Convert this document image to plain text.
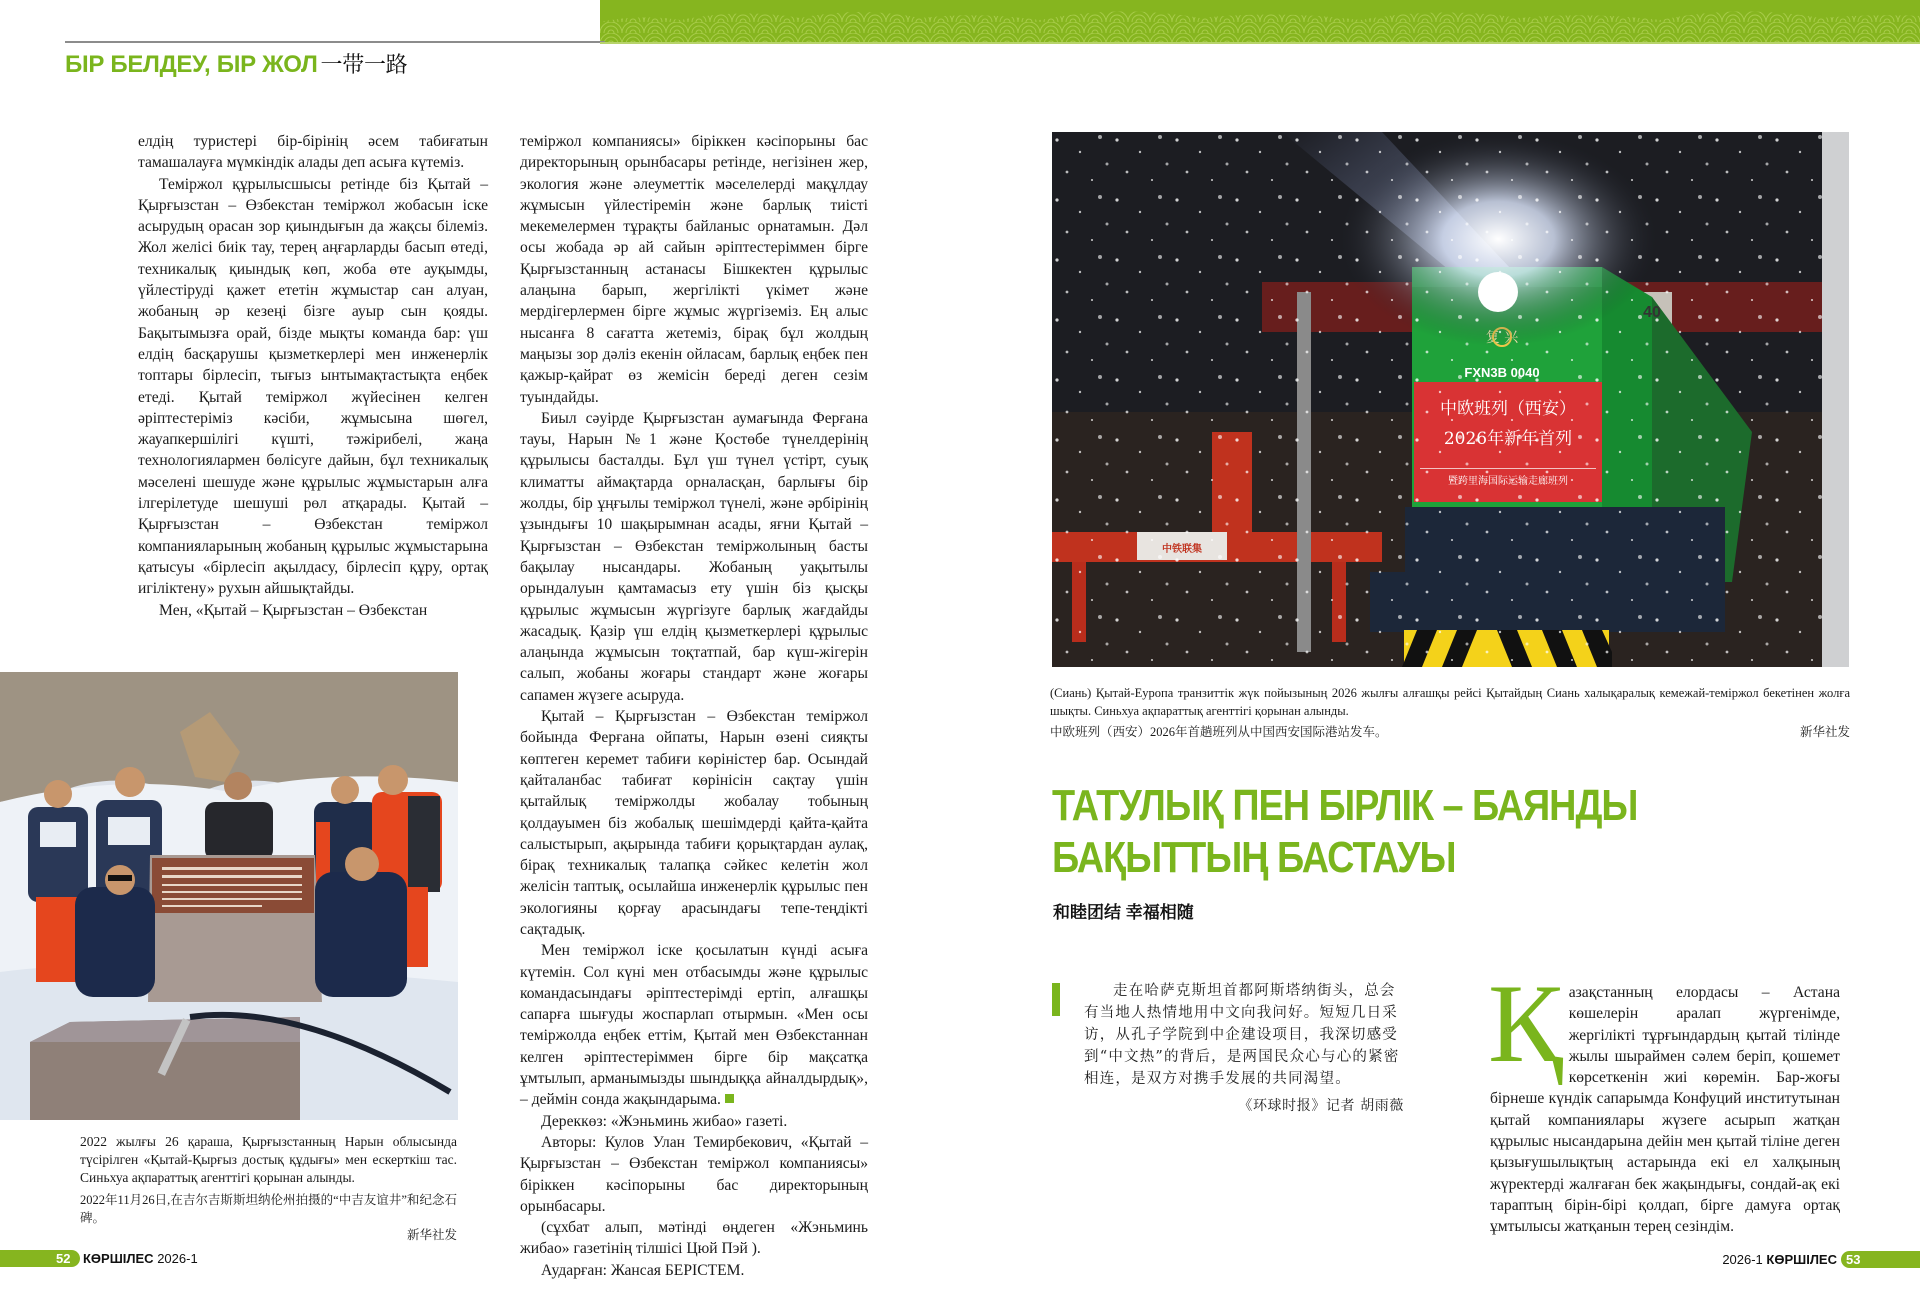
БІР БЕЛДЕУ, БІР ЖОЛ 一带一路

елдің туристері бір-бірінің әсем табиғатын тамашалауға мүмкіндік алады деп асыға күтеміз.

Теміржол құрылысшысы ретінде біз Қытай – Қырғызстан – Өзбекстан теміржол жобасын іске асырудың орасан зор қиындығын да жақсы білеміз. Жол желісі биік тау, терең аңғарларды басып өтеді, техникалық қиындық көп, жоба өте ауқымды, үйлестіруді қажет ететін жұмыстар сан алуан, жобаның әр кезеңі бізге ауыр сын қояды. Бақытымызға орай, бізде мықты команда бар: үш елдің басқарушы қызметкерлері мен инженерлік топтары бірлесіп, тығыз ынтымақтастықта еңбек етеді. Қытай теміржол жүйесінен келген әріптестеріміз кәсіби, жұмысына шөгел, жауапкершілігі күшті, тәжірибелі, жаңа технологиялармен бөлісуге дайын, бұл техникалық мәселені шешуде және құрылыс жұмыстарын алға ілгерілетуде шешуші рөл атқарады. Қытай – Қырғызстан – Өзбекстан теміржол компанияларының жобаның құрылыс жұмыстарына қатысуы «бірлесіп ақылдасу, бірлесіп құру, ортақ игіліктену» рухын айшықтайды.

Мен, «Қытай – Қырғызстан – Өзбекстан

2022 жылғы 26 қараша, Қырғызстанның Нарын облысында түсірілген «Қытай-Қырғыз достық құдығы» мен ескерткіш тас. Синьхуа ақпараттық агенттігі қорынан алынды.
2022年11月26日,在吉尔吉斯斯坦纳伦州拍摄的“中吉友谊井”和纪念石碑。
新华社发

теміржол компаниясы» біріккен кәсіпорыны бас директорының орынбасары ретінде, негізінен жер, экология және әлеуметтік мәселелерді мақұлдау жұмысын үйлестіремін және барлық тиісті мекемелермен тұрақты байланыс орнатамын. Дәл осы жобада әр ай сайын әріптестеріммен бірге Қырғызстанның астанасы Бішкектен құрылыс алаңына барып, жергілікті үкімет және мердігерлермен бірге жұмыс жүргіземіз. Ең алыс нысанға 8 сағатта жетеміз, бірақ бұл жолдың маңызы зор дәліз екенін ойласам, барлық еңбек пен қажыр-қайрат өз жемісін береді деген сезім туындайды.

Биыл сәуірде Қырғызстан аумағында Ферғана тауы, Нарын №1 және Қостөбе түнелдерінің құрылысы басталды. Бұл үш түнел үстірт, суық климатты аймақтарда орналасқан, барлығы бір жолды, бір ұңғылы теміржол түнелі, және әрбірінің ұзындығы 10 шақырымнан асады, яғни Қытай – Қырғызстан – Өзбекстан теміржолының басты бақылау нысандары. Жобаның уақытылы орындалуын қамтамасыз ету үшін біз қысқы құрылыс жұмысын жүргізуге барлық жағдайды жасадық. Қазір үш елдің қызметкерлері құрылыс алаңында жұмысын тоқтатпай, бар күш-жігерін салып, жобаны жоғары стандарт және жоғары сапамен жүзеге асыруда.

Қытай – Қырғызстан – Өзбекстан теміржол бойында Ферғана ойпаты, Нарын өзені сияқты көптеген керемет табиғи көріністер бар. Осындай қайталанбас табиғат көрінісін сақтау үшін қытайлық теміржолды жобалау тобының қолдауымен біз жобалық шешімдерді қайта-қайта салыстырып, ақырында табиғи қорықтардан аулақ, бірақ техникалық талапқа сәйкес келетін жол желісін таптық, осылайша инженерлік құрылыс пен экологияны қорғау арасындағы тепе-теңдікті сақтадық.

Мен теміржол іске қосылатын күнді асыға күтемін. Сол күні мен отбасымды және құрылыс командасындағы әріптестерімді ертіп, алғашқы сапарға шығуды жоспарлап отырмын. «Мен осы теміржолда еңбек еттім, Қытай мен Өзбекстаннан келген әріптестеріммен бірге бір мақсатқа ұмтылып, арманымызды шындыққа айналдырдық», – деймін сонда жақындарыма.

Дереккөз: «Жэньминь жибао» газеті.

Авторы: Кулов Улан Темирбекович, «Қытай – Қырғызстан – Өзбекстан теміржол компаниясы» біріккен кәсіпорыны бас директорының орынбасары.

(сұхбат алып, мәтінді өңдеген «Жэньминь жибао» газетінің тілшісі Цюй Пэй ).

Аударған: Жансая БЕРІСТЕМ.

(Сиань) Қытай-Еуропа транзиттік жүк пойызының 2026 жылғы алғашқы рейсі Қытайдың Сиань халықаралық кемежай-теміржол бекетінен жолға шықты. Синьхуа ақпараттық агенттігі қорынан алынды.
中欧班列（西安）2026年首趟班列从中国西安国际港站发车。	新华社发
ТАТУЛЫҚ ПЕН БІРЛІК – БАЯНДЫ
БАҚЫТТЫҢ БАСТАУЫ
和睦团结 幸福相随
走在哈萨克斯坦首都阿斯塔纳街头，总会有当地人热情地用中文向我问好。短短几日采访，从孔子学院到中企建设项目，我深切感受到“中文热”的背后，是两国民众心与心的紧密相连，是双方对携手发展的共同渴望。
《环球时报》记者 胡雨薇
Қ азақстанның елордасы – Астана көшелерін аралап жүргенімде, жергілікті тұрғындардың қытай тілінде жылы шыраймен сәлем беріп, қошемет көрсеткенін жиі көремін. Бар-жоғы бірнеше күндік сапарымда Конфуций институтынан қытай компаниялары жүзеге асырып жатқан құрылыс нысандарына дейін мен қытай тіліне деген қызығушылықтың астарында екі ел халқының жүректерді жалғаған бек жақындығы, сондай-ақ екі тараптың бірін-бірі қолдап, бірге дамуға ортақ ұмтылысы жатқанын терең сезіндім.

52 КӨРШІЛЕС 2026-1	53
2026-1 КӨРШІЛЕС
